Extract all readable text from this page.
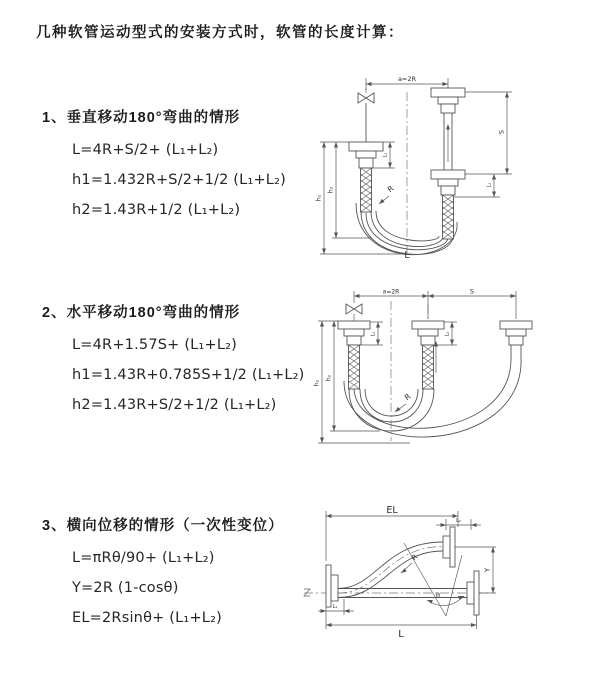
几种软管运动型式的安装方式时，软管的长度计算：
1、垂直移动180°弯曲的情形

L=4R+S/2+ (L₁+L₂)

h1=1.432R+S/2+1/2 (L₁+L₂)

h2=1.43R+1/2 (L₁+L₂)

a=2R
L₁
S
L₂
h₁
h₂	R
L
2、水平移动180°弯曲的情形

L=4R+1.57S+ (L₁+L₂)

h1=1.43R+0.785S+1/2 (L₁+L₂)

h2=1.43R+S/2+1/2 (L₁+L₂)

a=2R	S
L₁	L₂
h₁
h₂
R
3、横向位移的情形（一次性变位）

L=πRθ/90+ (L₁+L₂)

Y=2R (1-cosθ)

EL=2Rsinθ+ (L₁+L₂)

θ
EL
L₂
Y
L
L₁
R
